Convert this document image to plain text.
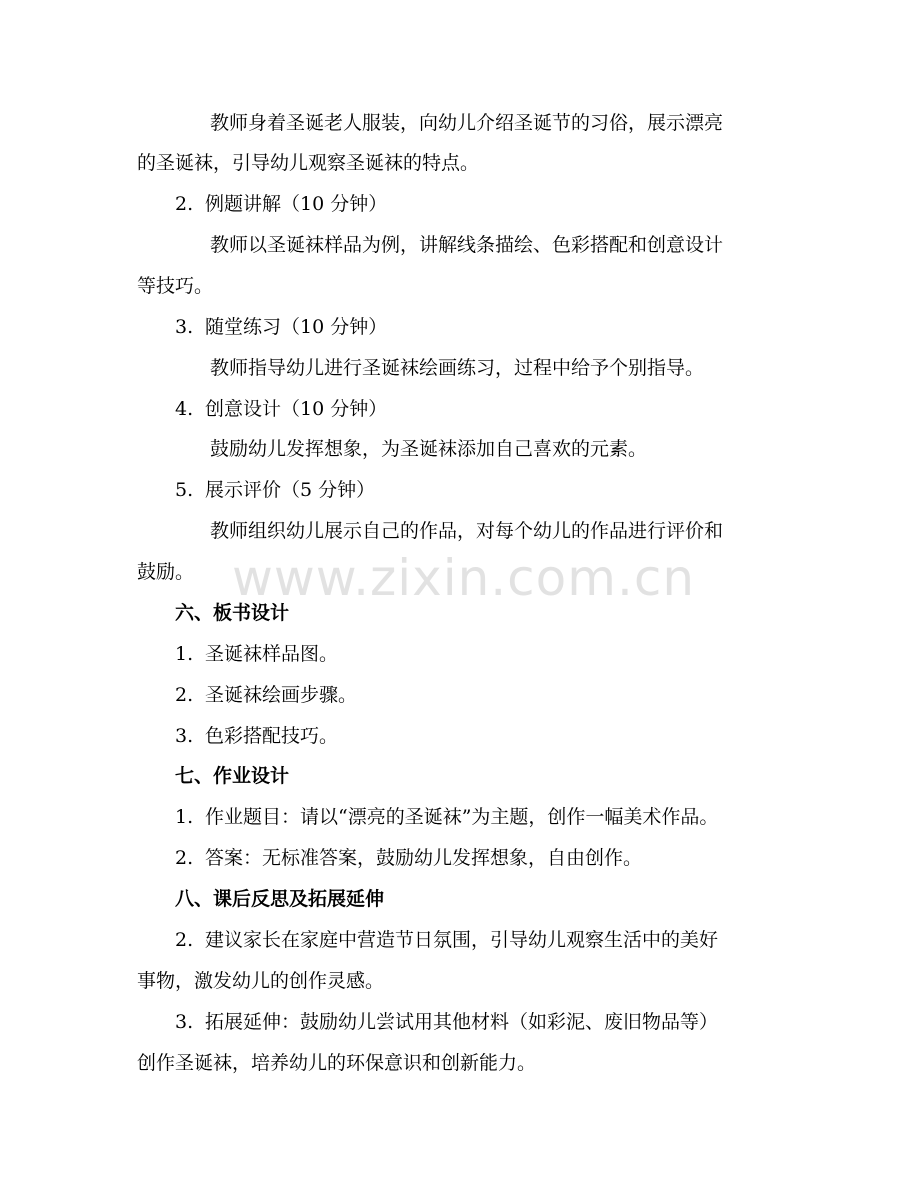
教师身着圣诞老人服装，向幼儿介绍圣诞节的习俗，展示漂亮
的圣诞袜，引导幼儿观察圣诞袜的特点。
2. 例题讲解（10 分钟）
教师以圣诞袜样品为例，讲解线条描绘、色彩搭配和创意设计
等技巧。
3. 随堂练习（10 分钟）
教师指导幼儿进行圣诞袜绘画练习，过程中给予个别指导。
4. 创意设计（10 分钟）
鼓励幼儿发挥想象，为圣诞袜添加自己喜欢的元素。
5. 展示评价（5 分钟）
教师组织幼儿展示自己的作品，对每个幼儿的作品进行评价和
鼓励。
六、板书设计
1. 圣诞袜样品图。
2. 圣诞袜绘画步骤。
3. 色彩搭配技巧。
七、作业设计
1. 作业题目：请以“漂亮的圣诞袜”为主题，创作一幅美术作品。
2. 答案：无标准答案，鼓励幼儿发挥想象，自由创作。
八、课后反思及拓展延伸
2. 建议家长在家庭中营造节日氛围，引导幼儿观察生活中的美好
事物，激发幼儿的创作灵感。
3. 拓展延伸：鼓励幼儿尝试用其他材料（如彩泥、废旧物品等）
创作圣诞袜，培养幼儿的环保意识和创新能力。
www.zixin.com.cn
